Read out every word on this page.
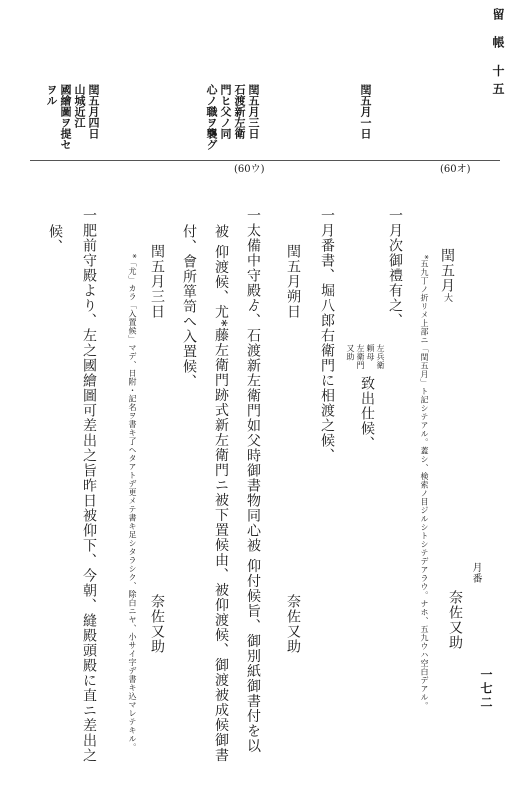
留 帳 十五
一七二
閏五月一日
閏五月三日
石渡新左衛
門ヒ父ノ同
心ノ職ヲ襲グ
閏五月四日
山城近江
國繪圖ヲ提セ
ヲル
(60オ)
(60ウ)
閏五月大
*五九丁ノ折リメ上部ニ「閏五月」ト記シテアル。蓋シ、検索ノ目ジルシトシテデアラウ。ナホ、五九ウハ空白デアル。	月番
奈佐又助
一月次御禮有之、
左兵衛
頼母
左衛門
又助
致出仕候、
一月番書、堀八郎右衛門に相渡之候、
閏五月朔日
奈佐又助
一太備中守殿ゟ、石渡新左衛門如父時御書物同心被 仰付候旨、御別紙御書付を以
被 仰渡候、尤*藤左衛門跡式新左衛門ニ被下置候由、被仰渡候、御渡被成候御書
付、會所箪笥へ入置候、
閏五月三日
奈佐又助
*「尤」カラ「入置候」マデ、日附・記名ヲ書キ了ヘタアトデ更メテ書キ足シタラシク、除白ニヤ、小サイ字デ書キ込マレテキル。
一肥前守殿より、左之國繪圖可差出之旨昨日被仰下、今朝、縫殿頭殿に直ニ差出之
候、
